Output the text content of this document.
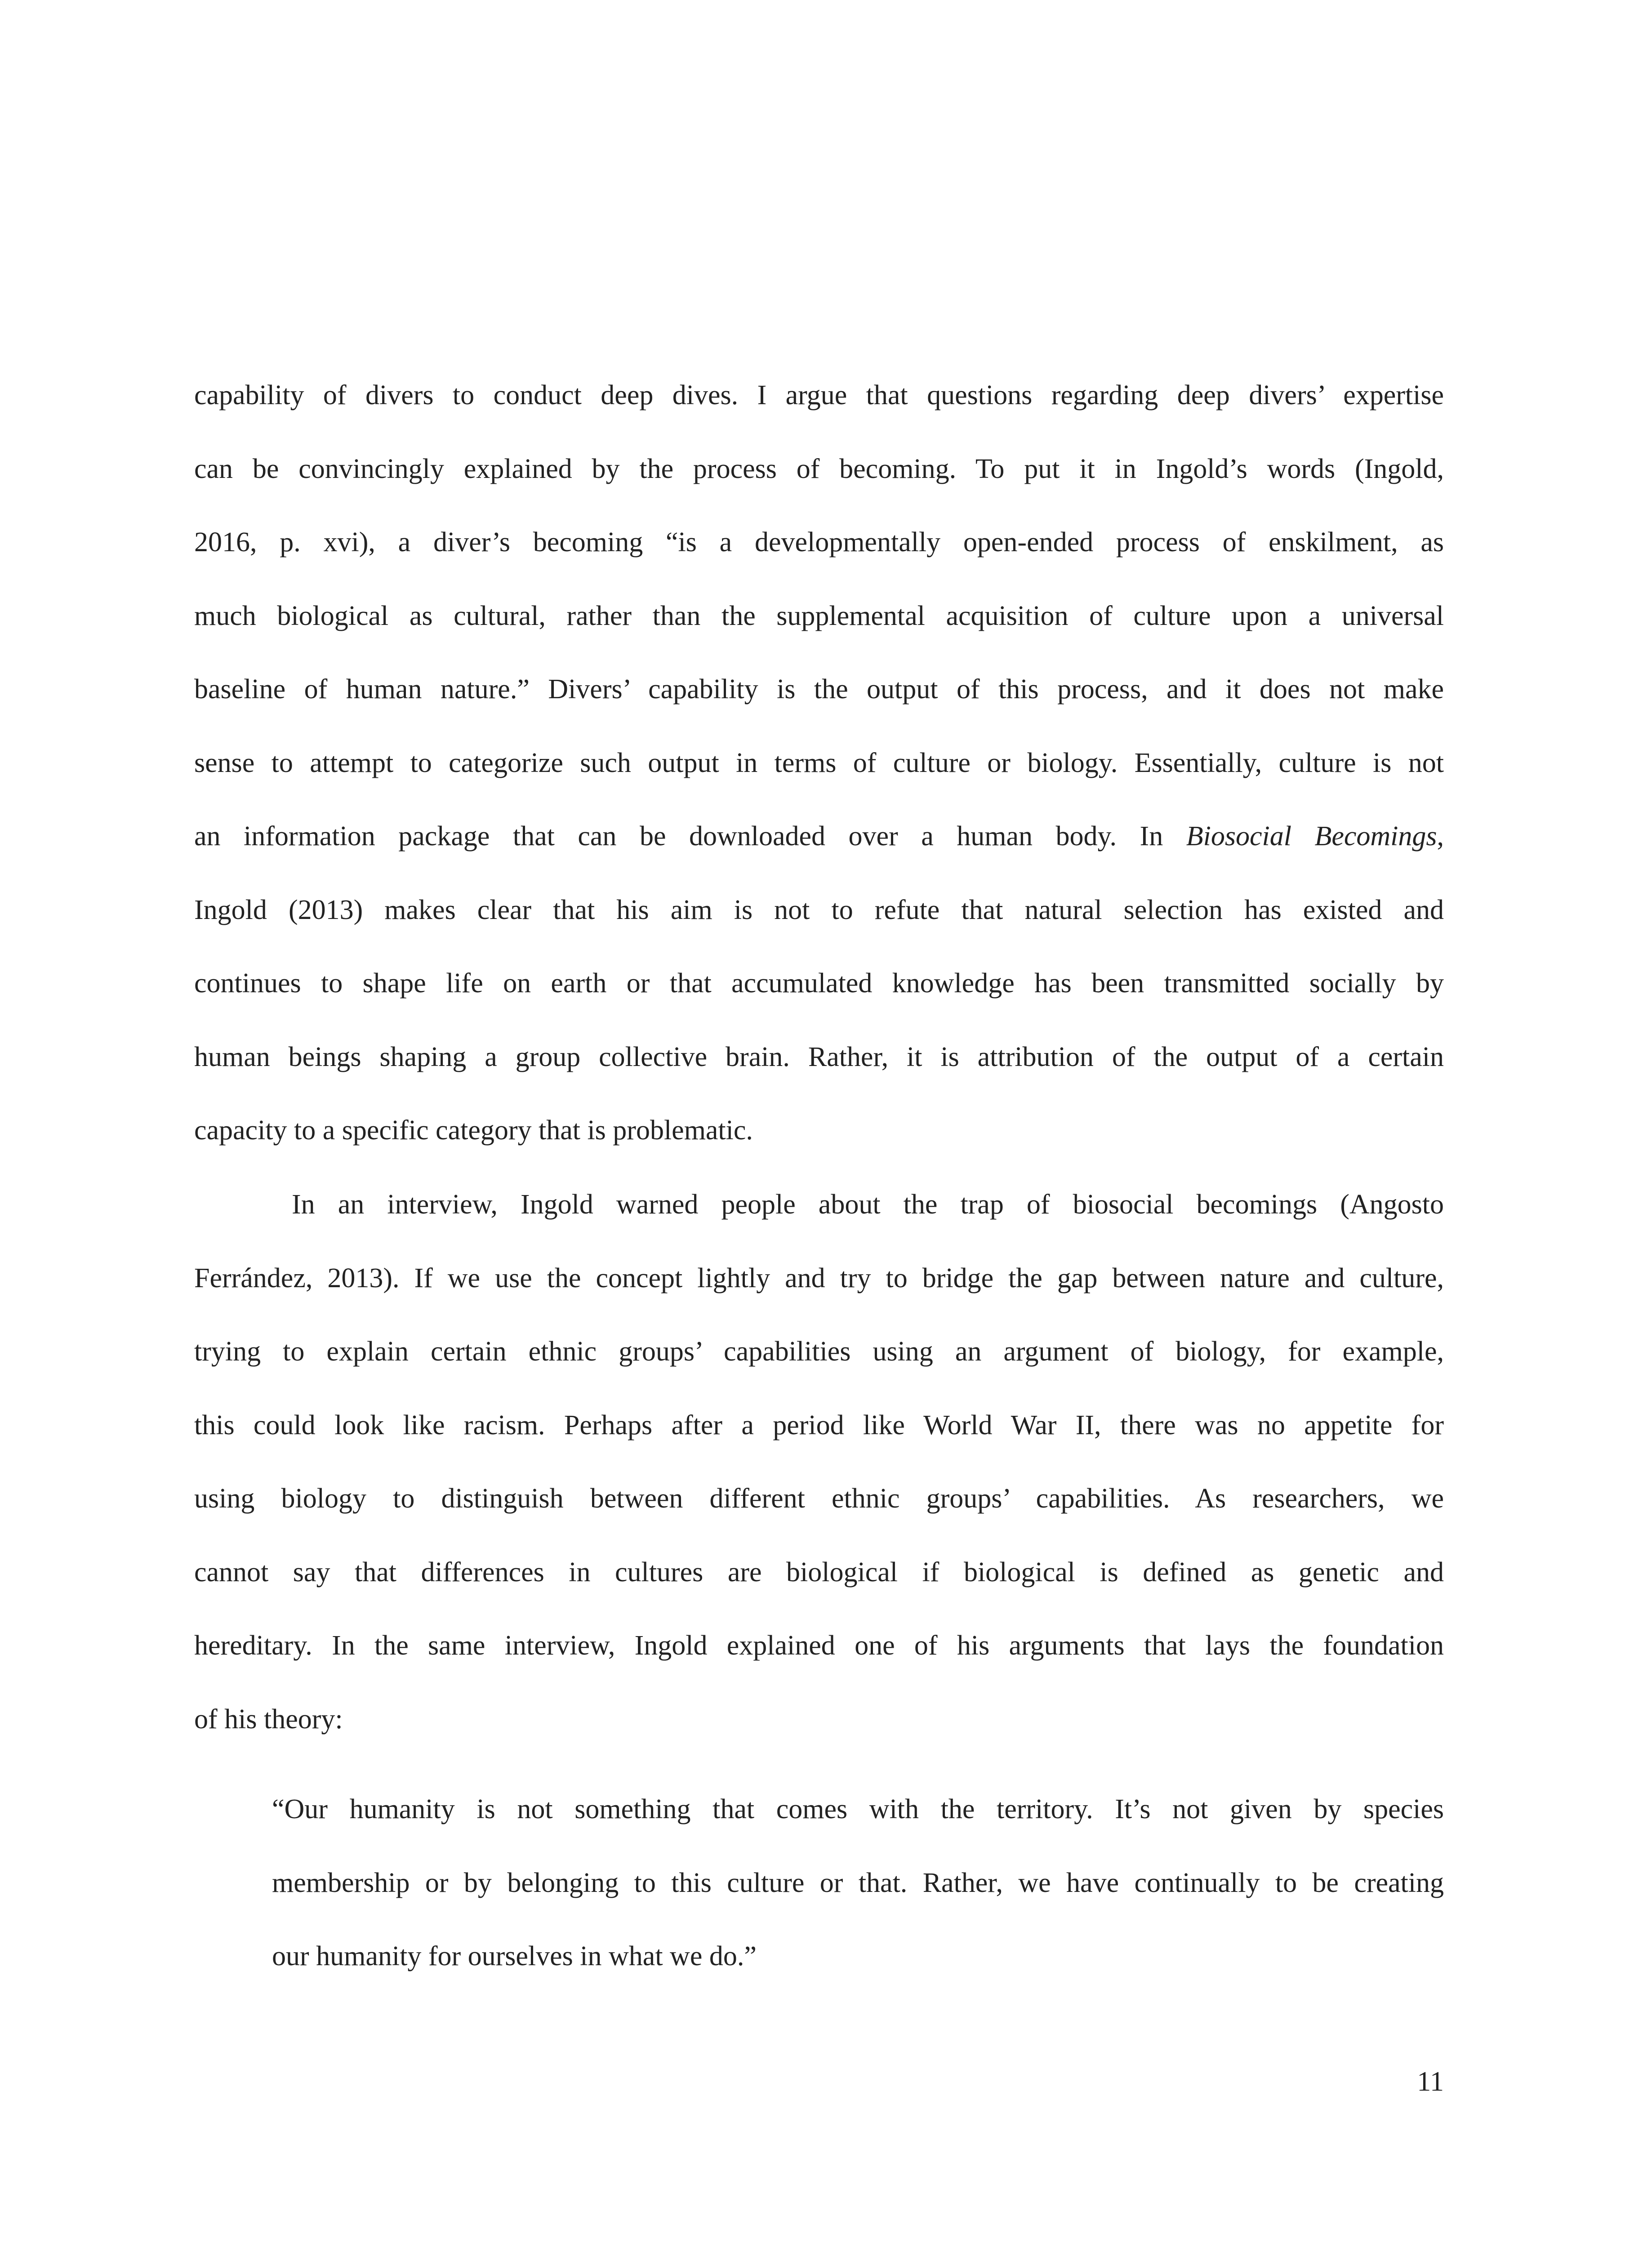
capability of divers to conduct deep dives. I argue that questions regarding deep divers’ expertise
can be convincingly explained by the process of becoming. To put it in Ingold’s words (Ingold,
2016, p. xvi), a diver’s becoming “is a developmentally open-ended process of enskilment, as
much biological as cultural, rather than the supplemental acquisition of culture upon a universal
baseline of human nature.” Divers’ capability is the output of this process, and it does not make
sense to attempt to categorize such output in terms of culture or biology. Essentially, culture is not
an information package that can be downloaded over a human body. In Biosocial Becomings,
Ingold (2013) makes clear that his aim is not to refute that natural selection has existed and
continues to shape life on earth or that accumulated knowledge has been transmitted socially by
human beings shaping a group collective brain. Rather, it is attribution of the output of a certain
capacity to a specific category that is problematic.
In an interview, Ingold warned people about the trap of biosocial becomings (Angosto
Ferrández, 2013). If we use the concept lightly and try to bridge the gap between nature and culture,
trying to explain certain ethnic groups’ capabilities using an argument of biology, for example,
this could look like racism. Perhaps after a period like World War II, there was no appetite for
using biology to distinguish between different ethnic groups’ capabilities. As researchers, we
cannot say that differences in cultures are biological if biological is defined as genetic and
hereditary. In the same interview, Ingold explained one of his arguments that lays the foundation
of his theory:
“Our humanity is not something that comes with the territory. It’s not given by species
membership or by belonging to this culture or that. Rather, we have continually to be creating
our humanity for ourselves in what we do.”
11
